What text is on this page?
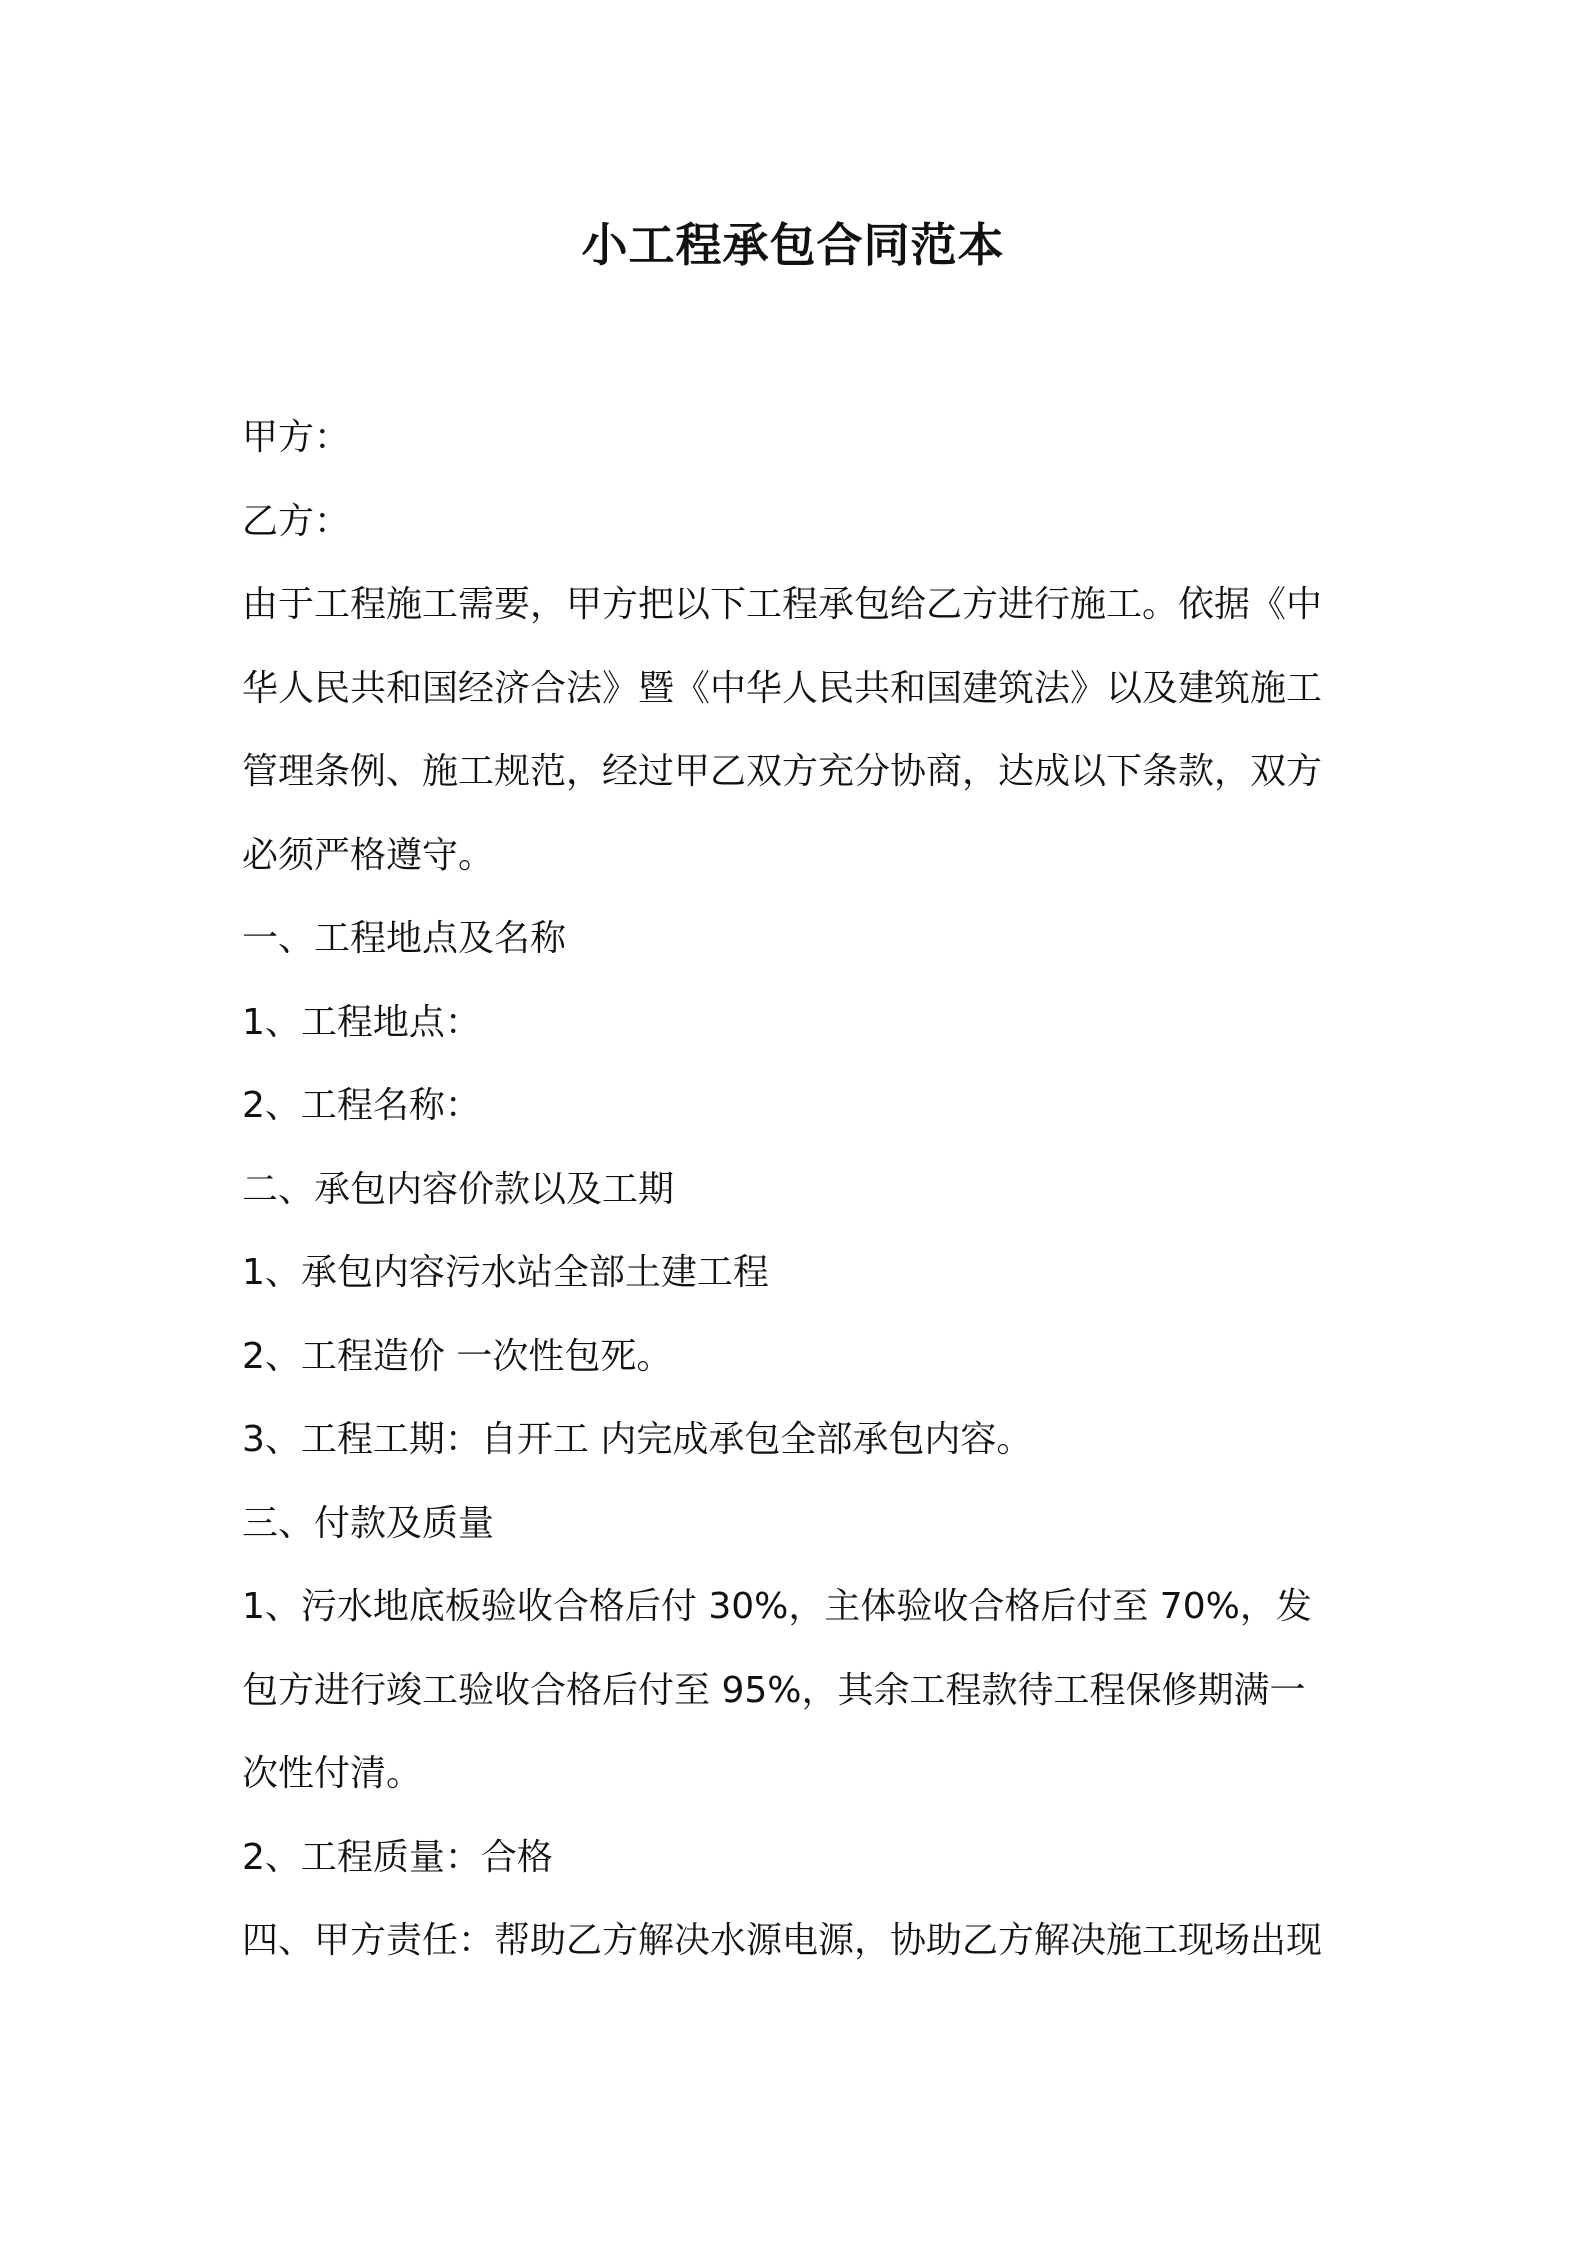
小工程承包合同范本

甲方：

乙方：

由于工程施工需要，甲方把以下工程承包给乙方进行施工。依据《中

华人民共和国经济合法》暨《中华人民共和国建筑法》以及建筑施工

管理条例、施工规范，经过甲乙双方充分协商，达成以下条款，双方

必须严格遵守。

一、工程地点及名称

1、工程地点：

2、工程名称：

二、承包内容价款以及工期

1、承包内容污水站全部土建工程

2、工程造价 一次性包死。

3、工程工期：自开工 内完成承包全部承包内容。

三、付款及质量

1、污水地底板验收合格后付 30%，主体验收合格后付至 70%，发

包方进行竣工验收合格后付至 95%，其余工程款待工程保修期满一

次性付清。

2、工程质量：合格

四、甲方责任：帮助乙方解决水源电源，协助乙方解决施工现场出现
